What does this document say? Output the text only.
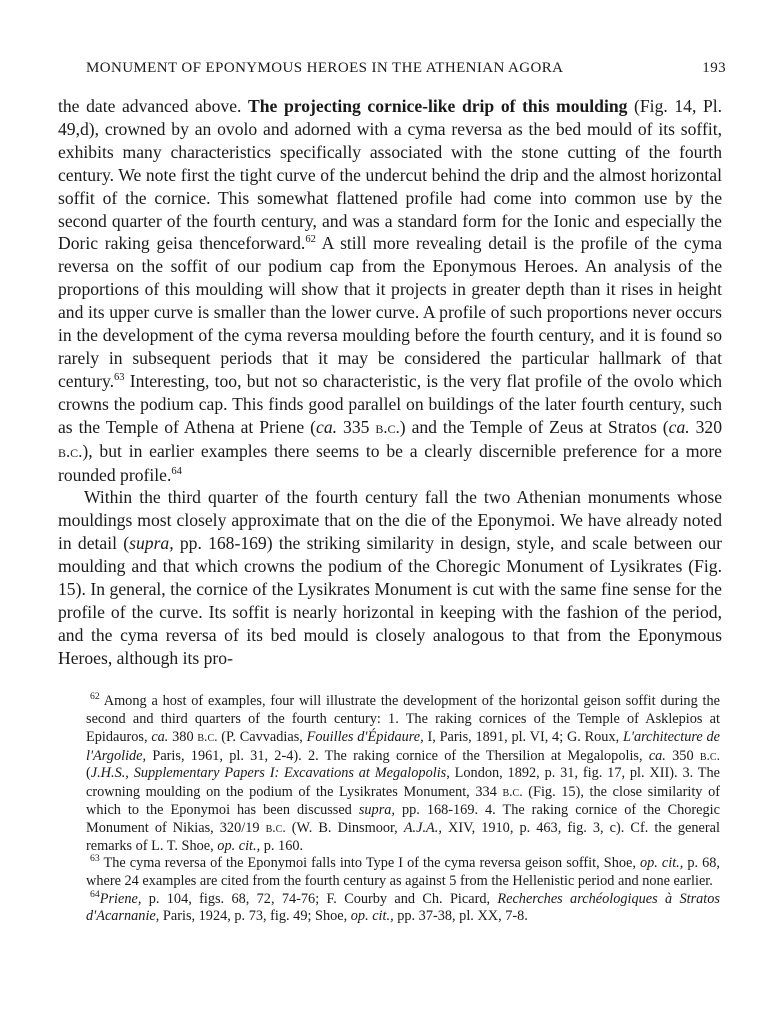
MONUMENT OF EPONYMOUS HEROES IN THE ATHENIAN AGORA	193

the date advanced above. The projecting cornice-like drip of this moulding (Fig. 14, Pl. 49,d), crowned by an ovolo and adorned with a cyma reversa as the bed mould of its soffit, exhibits many characteristics specifically associated with the stone cutting of the fourth century. We note first the tight curve of the undercut behind the drip and the almost horizontal soffit of the cornice. This somewhat flattened profile had come into common use by the second quarter of the fourth century, and was a standard form for the Ionic and especially the Doric raking geisa thenceforward.$^{62}$ A still more revealing detail is the profile of the cyma reversa on the soffit of our podium cap from the Eponymous Heroes. An analysis of the proportions of this moulding will show that it projects in greater depth than it rises in height and its upper curve is smaller than the lower curve. A profile of such proportions never occurs in the development of the cyma reversa moulding before the fourth century, and it is found so rarely in subsequent periods that it may be considered the particular hallmark of that century.$^{63}$ Interesting, too, but not so characteristic, is the very flat profile of the ovolo which crowns the podium cap. This finds good parallel on buildings of the later fourth century, such as the Temple of Athena at Priene (ca. 335 b.c.) and the Temple of Zeus at Stratos (ca. 320 b.c.), but in earlier examples there seems to be a clearly discernible preference for a more rounded profile.$^{64}$

Within the third quarter of the fourth century fall the two Athenian monuments whose mouldings most closely approximate that on the die of the Eponymoi. We have already noted in detail (supra, pp. 168-169) the striking similarity in design, style, and scale between our moulding and that which crowns the podium of the Choregic Monument of Lysikrates (Fig. 15). In general, the cornice of the Lysikrates Monument is cut with the same fine sense for the profile of the curve. Its soffit is nearly horizontal in keeping with the fashion of the period, and the cyma reversa of its bed mould is closely analogous to that from the Eponymous Heroes, although its pro-

$^{62}$ Among a host of examples, four will illustrate the development of the horizontal geison soffit during the second and third quarters of the fourth century: 1. The raking cornices of the Temple of Asklepios at Epidauros, ca. 380 b.c. (P. Cavvadias, Fouilles d'Épidaure, I, Paris, 1891, pl. VI, 4; G. Roux, L'architecture de l'Argolide, Paris, 1961, pl. 31, 2-4). 2. The raking cornice of the Thersilion at Megalopolis, ca. 350 b.c. (J.H.S., Supplementary Papers I: Excavations at Megalopolis, London, 1892, p. 31, fig. 17, pl. XII). 3. The crowning moulding on the podium of the Lysikrates Monument, 334 b.c. (Fig. 15), the close similarity of which to the Eponymoi has been discussed supra, pp. 168-169. 4. The raking cornice of the Choregic Monument of Nikias, 320/19 b.c. (W. B. Dinsmoor, A.J.A., XIV, 1910, p. 463, fig. 3, c). Cf. the general remarks of L. T. Shoe, op. cit., p. 160.

$^{63}$ The cyma reversa of the Eponymoi falls into Type I of the cyma reversa geison soffit, Shoe, op. cit., p. 68, where 24 examples are cited from the fourth century as against 5 from the Hellenistic period and none earlier.

$^{64}$Priene, p. 104, figs. 68, 72, 74-76; F. Courby and Ch. Picard, Recherches archéologiques à Stratos d'Acarnanie, Paris, 1924, p. 73, fig. 49; Shoe, op. cit., pp. 37-38, pl. XX, 7-8.
